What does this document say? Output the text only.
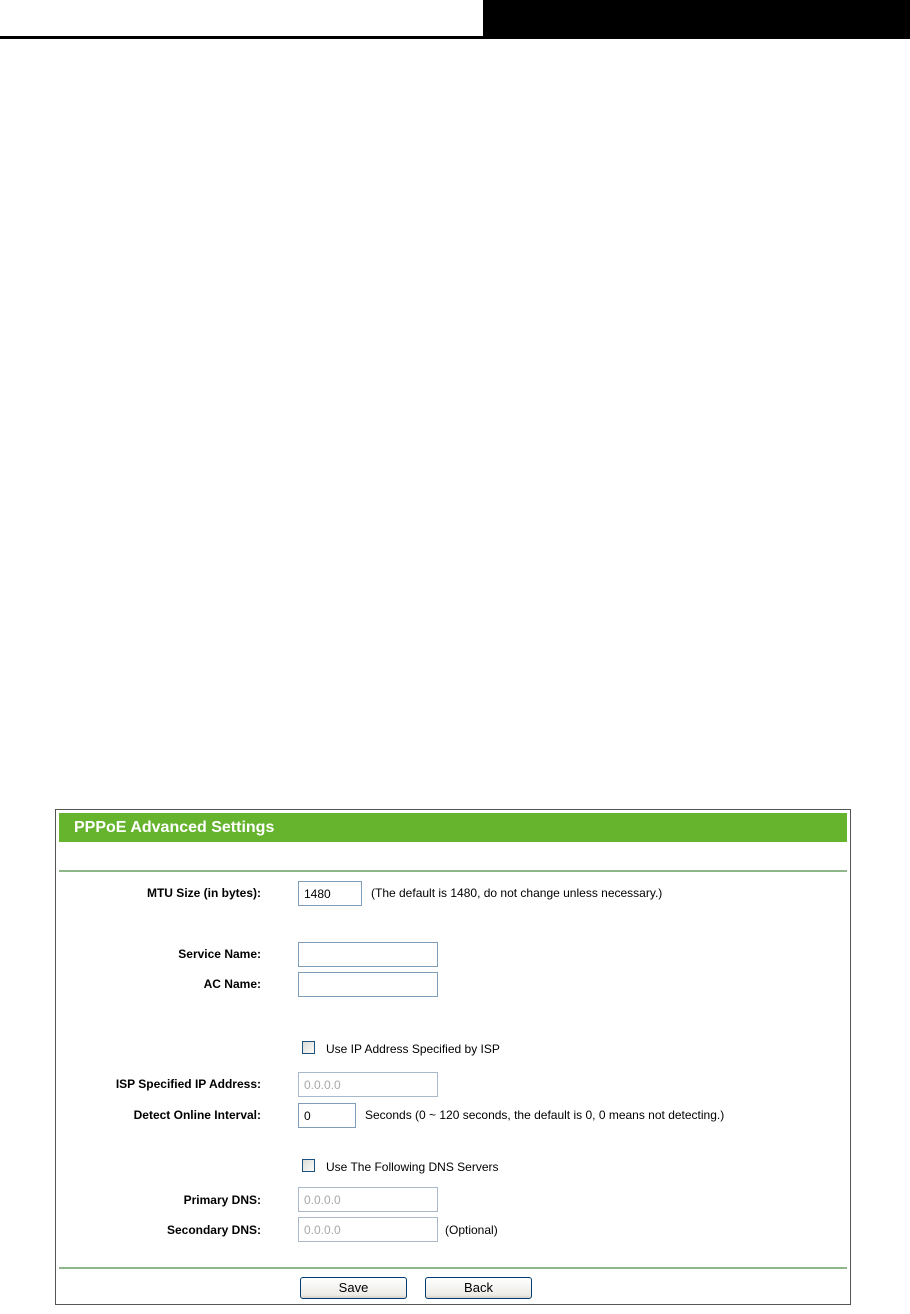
PPPoE Advanced Settings
MTU Size (in bytes):
1480	(The default is 1480, do not change unless necessary.)
Service Name:
AC Name:
Use IP Address Specified by ISP
ISP Specified IP Address:
0.0.0.0
Detect Online Interval:
0	Seconds (0 ~ 120 seconds, the default is 0, 0 means not detecting.)
Use The Following DNS Servers
Primary DNS:
0.0.0.0
Secondary DNS:
0.0.0.0	(Optional)
Save	Back
